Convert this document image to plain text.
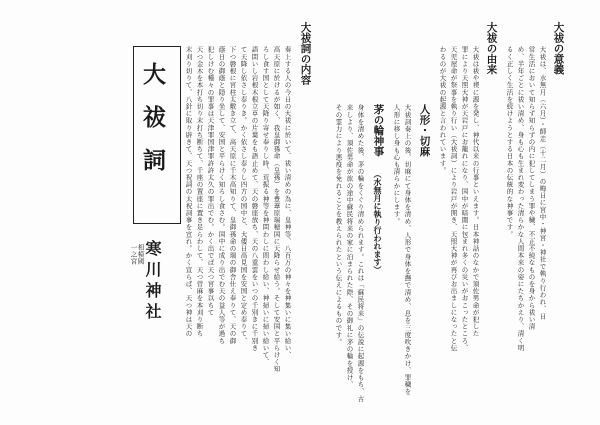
大祓詞
一之宮 相模國
寒川神社
大祓の意義
大祓は、水無月（六月）・師走（十二月）の晦日に宮中・神宮・神社で執り行われ、日
常生活において知らず知らずの内に犯してしまう罪や穢、不正不純なものを身から祓い清
め、半年ごとに祓い清め、身も心も生まれ変わった清らかな人間本来の姿にたちかえり、清く明
るく正しく生活を続けようとする日本の伝統的な神事です。
大祓の由来
大祓は祓や禊に源を発し、神代以来の行事といえます。日本神話のなかで須佐男命が犯した
罪により天照大神が天岩戸にお籠れになり、国中が暗闇に包まれ多くの災いがおこったところ、
天児屋命が祭事を執り行い（大祓詞）により岩戸が開き、天照大神が再びお出ましになったと伝
わるのが大祓の起源と言われています。
人形・切麻
大祓詞奏上の後、切麻にて身体を清め、人形で身体を撫で清め、息を三度吹きかけ、罪穢を
人形に移し身も心も清らかにします。
茅の輪神事
（水無月に執り行われます）
身体を清めた後、茅の輪をくぐり清められます。これは「蘇民将来」の伝説に起源をもち、古
来しより、須佐男命が旅の途中蘇民将来の家に泊まられた際、その御礼に茅の輪を授け、
その霊力により悪疫を免れることを教えられたという伝えによるものです。
大祓詞の内容
奏上する人の今日の大祓に於いて、祓い清めの為に、皇神等、八百万の神々を神集いに集い給い、
高天原に於けるが如く、我皇御孫命（皇孫）を豊葦原瑞穂国に天降らせ給う。そして安国と平らけく知
ろし食す国として天降り寄せ奉りし時、荒振る神等を神問わしに問わし給い、神掃いに掃い給いて、
語問いし岩根木根立草の片葉をも語止めて、天の磐座放ち、天の八重雲をいつの千別きに千別き
て天降し依さし奉りき。かく依さし奉りし四方の国中と、大倭日高見国を安国と定め奉りて、
下つ磐根に宮柱太敷き立て、高天原に千木高知りて、皇御孫命の瑞の御舎仕え奉りて、天の御
蔭日の御蔭と隠り坐して、安国と平らけく知ろし食さむ。国中に成り出でむ天の益人等が過ち
犯しけむ種々の罪事は天津罪国津罪許許太久の罪出でむ。かく出でば天つ宮事以ちて
天つ金木を本打ち切り末打ち断ちて、千座の置座に置き足らわして、天つ菅麻を本刈り断ち
末刈り切りて、八針に取り辟きて、天つ祝詞の太祝詞事を宣れ。かく宣らば、天つ神は天の
